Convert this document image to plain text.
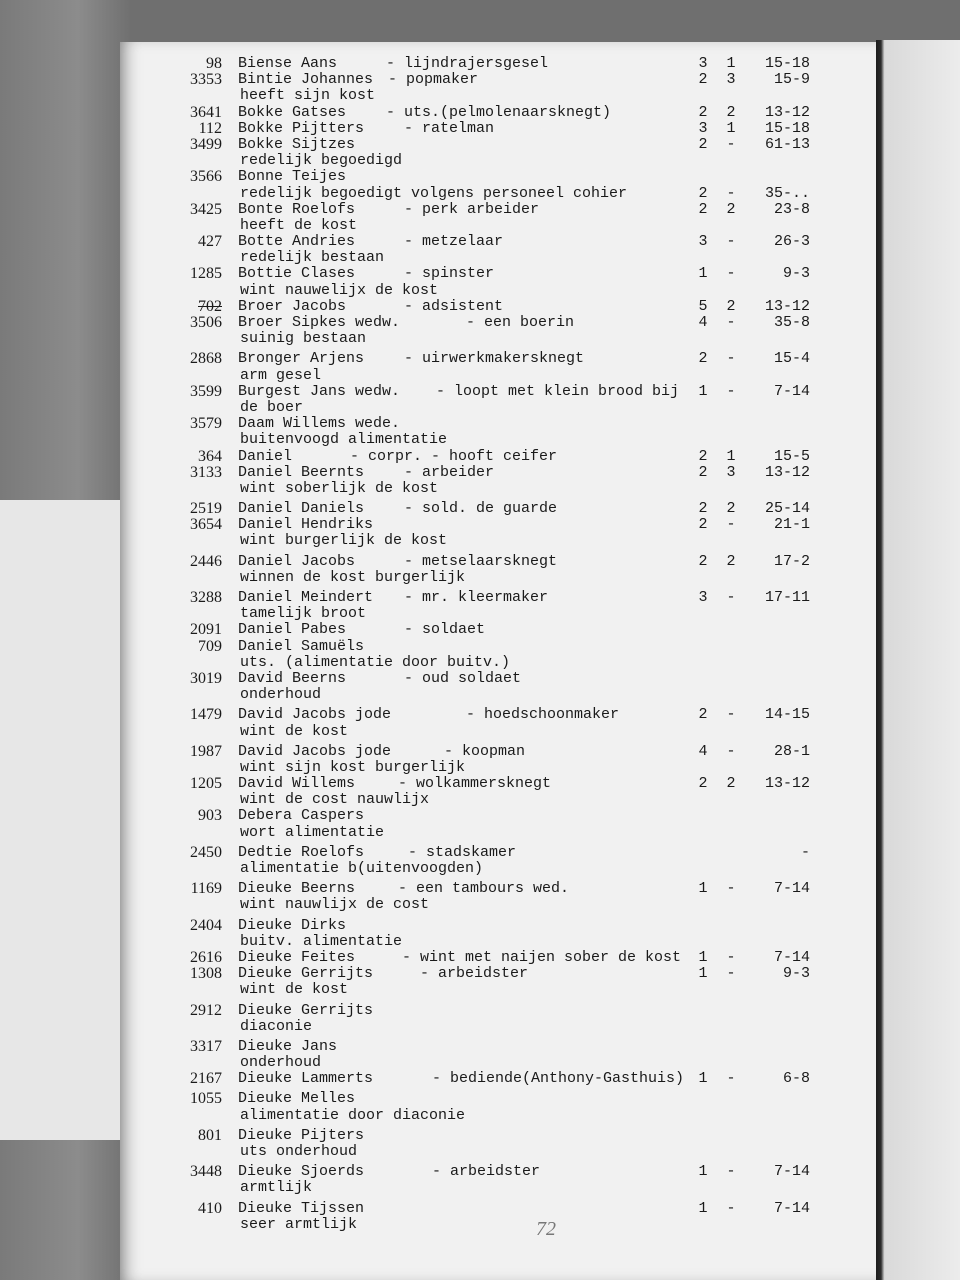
98 Biense Aans	- lijndrajersgesel	3 1	15-18
3353 Bintie Johannes - popmaker	2 3	15-9
heeft sijn kost
3641 Bokke Gatses	- uts.(pelmolenaarsknegt)	2 2	13-12
112 Bokke Pijtters	- ratelman	3 1	15-18
3499 Bokke Sijtzes	2 -	61-13
redelijk begoedigd
3566 Bonne Teijes
redelijk begoedigt volgens personeel cohier	2 -	35-..
3425 Bonte Roelofs	- perk arbeider	2 2	23-8
heeft de kost
427 Botte Andries	- metzelaar	3 -	26-3
redelijk bestaan
1285 Bottie Clases	- spinster	1 -	9-3
wint nauwelijx de kost
702 Broer Jacobs	- adsistent	5 2	13-12
3506 Broer Sipkes wedw.	- een boerin	4 -	35-8
suinig bestaan
2868 Bronger Arjens	- uirwerkmakersknegt	2 -	15-4
arm gesel
3599 Burgest Jans wedw. - loopt met klein brood bij 1 -	7-14
de boer
3579 Daam Willems wede.
buitenvoogd alimentatie
364 Daniel	- corpr. - hooft ceifer	2 1	15-5
3133 Daniel Beernts	- arbeider	2 3	13-12
wint soberlijk de kost
2519 Daniel Daniels	- sold. de guarde	2 2	25-14
3654 Daniel Hendriks	2 -	21-1
wint burgerlijk de kost
2446 Daniel Jacobs	- metselaarsknegt	2 2	17-2
winnen de kost burgerlijk
3288 Daniel Meindert - mr. kleermaker	3 -	17-11
tamelijk broot
2091 Daniel Pabes	- soldaet
709 Daniel Samuëls
uts. (alimentatie door buitv.)
3019 David Beerns	- oud soldaet
onderhoud
1479 David Jacobs jode	- hoedschoonmaker	2 -	14-15
wint de kost
1987 David Jacobs jode	- koopman	4 -	28-1
wint sijn kost burgerlijk
1205 David Willems	- wolkammersknegt	2 2	13-12
wint de cost nauwlijx
903 Debera Caspers
wort alimentatie
2450 Dedtie Roelofs	- stadskamer	-
alimentatie b(uitenvoogden)
1169 Dieuke Beerns	- een tambours wed.	1 -	7-14
wint nauwlijx de cost
2404 Dieuke Dirks
buitv. alimentatie
2616 Dieuke Feites	- wint met naijen sober de kost 1 -	7-14
1308 Dieuke Gerrijts	- arbeidster	1 -	9-3
wint de kost
2912 Dieuke Gerrijts
diaconie
3317 Dieuke Jans
onderhoud
2167 Dieuke Lammerts	- bediende(Anthony-Gasthuis) 1 -	6-8
1055 Dieuke Melles
alimentatie door diaconie
801 Dieuke Pijters
uts onderhoud
3448 Dieuke Sjoerds	- arbeidster	1 -	7-14
armtlijk
410 Dieuke Tijssen	1 -	7-14
seer armtlijk	72
